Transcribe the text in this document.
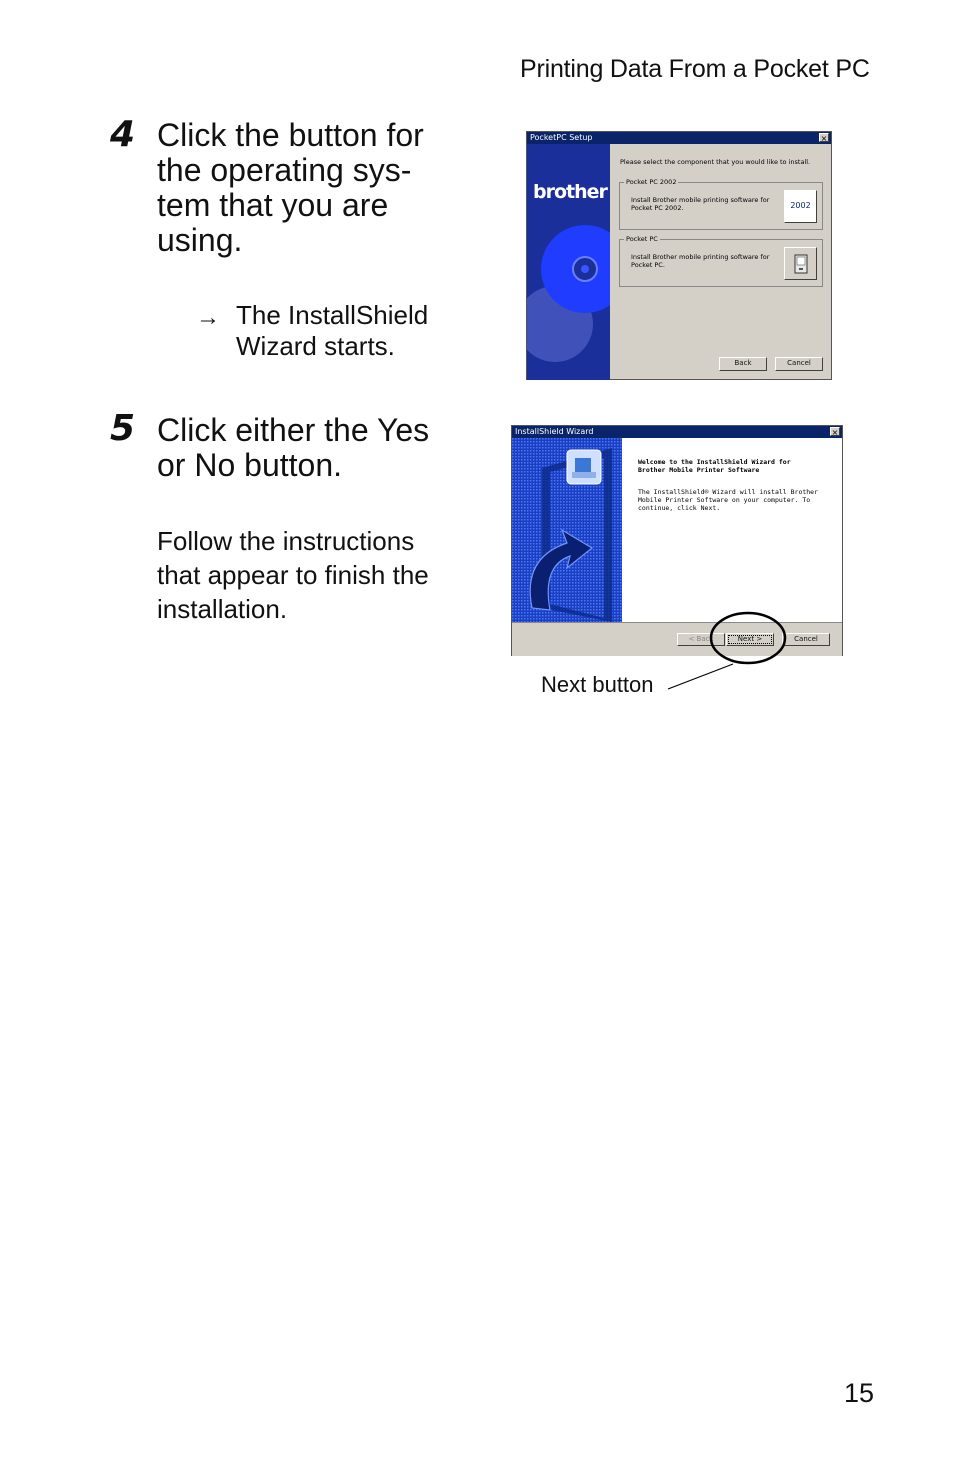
Printing Data From a Pocket PC
4 Click the button for
the operating sys-
tem that you are
using.
→ The InstallShield
Wizard starts.
PocketPC Setup	×
brother
Please select the component that you would like to install.
Pocket PC 2002
Install Brother mobile printing software for
Pocket PC 2002.	2002
Pocket PC
Install Brother mobile printing software for
Pocket PC.
Back	Cancel
5 Click either the Yes
or No button.
Follow the instructions
that appear to finish the
installation.
InstallShield Wizard	×
Welcome to the InstallShield Wizard for
Brother Mobile Printer Software
The InstallShield® Wizard will install Brother
Mobile Printer Software on your computer. To
continue, click Next.
< Back	Next >	Cancel
Next button
15
